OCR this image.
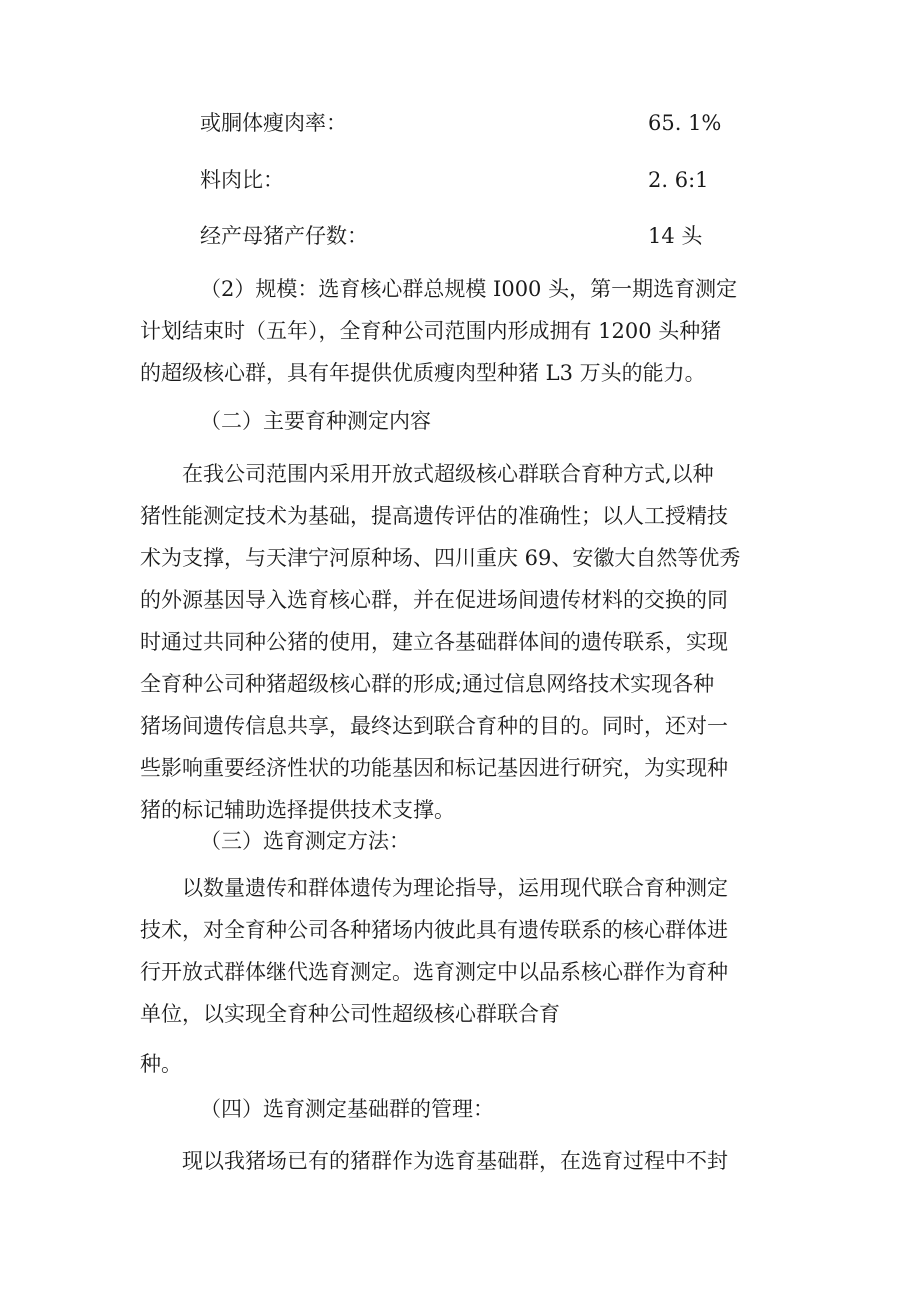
或胴体瘦肉率：	65. 1%
料肉比：	2. 6:1
经产母猪产仔数：	14 头
（2）规模：选育核心群总规模 I000 头，第一期选育测定
计划结束时（五年），全育种公司范围内形成拥有 1200 头种猪
的超级核心群，具有年提供优质瘦肉型种猪 L3 万头的能力。
（二）主要育种测定内容
在我公司范围内采用开放式超级核心群联合育种方式,以种
猪性能测定技术为基础，提高遗传评估的准确性；以人工授精技
术为支撑，与天津宁河原种场、四川重庆 69、安徽大自然等优秀
的外源基因导入选育核心群，并在促进场间遗传材料的交换的同
时通过共同种公猪的使用，建立各基础群体间的遗传联系，实现
全育种公司种猪超级核心群的形成;通过信息网络技术实现各种
猪场间遗传信息共享，最终达到联合育种的目的。同时，还对一
些影响重要经济性状的功能基因和标记基因进行研究，为实现种
猪的标记辅助选择提供技术支撑。
（三）选育测定方法：
以数量遗传和群体遗传为理论指导，运用现代联合育种测定
技术，对全育种公司各种猪场内彼此具有遗传联系的核心群体进
行开放式群体继代选育测定。选育测定中以品系核心群作为育种
单位，以实现全育种公司性超级核心群联合育
种。
（四）选育测定基础群的管理：
现以我猪场已有的猪群作为选育基础群，在选育过程中不封
